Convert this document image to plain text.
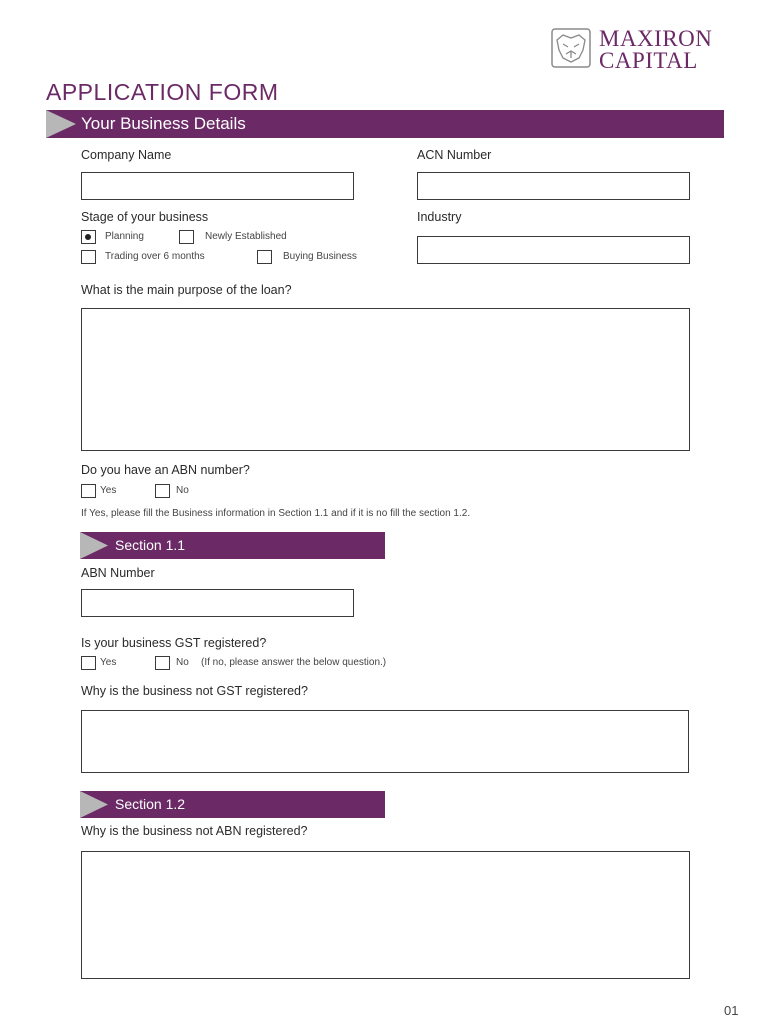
MAXIRON
CAPITAL
APPLICATION FORM
Your Business Details
Company Name	ACN Number
Stage of your business
Planning	Newly Established
Trading over 6 months	Buying Business
Industry
What is the main purpose of the loan?
Do you have an ABN number?
Yes	No
If Yes, please fill the Business information in Section 1.1 and if it is no fill the section 1.2.
Section 1.1
ABN Number
Is your business GST registered?
Yes	No (If no, please answer the below question.)
Why is the business not GST registered?
Section 1.2
Why is the business not ABN registered?
01
